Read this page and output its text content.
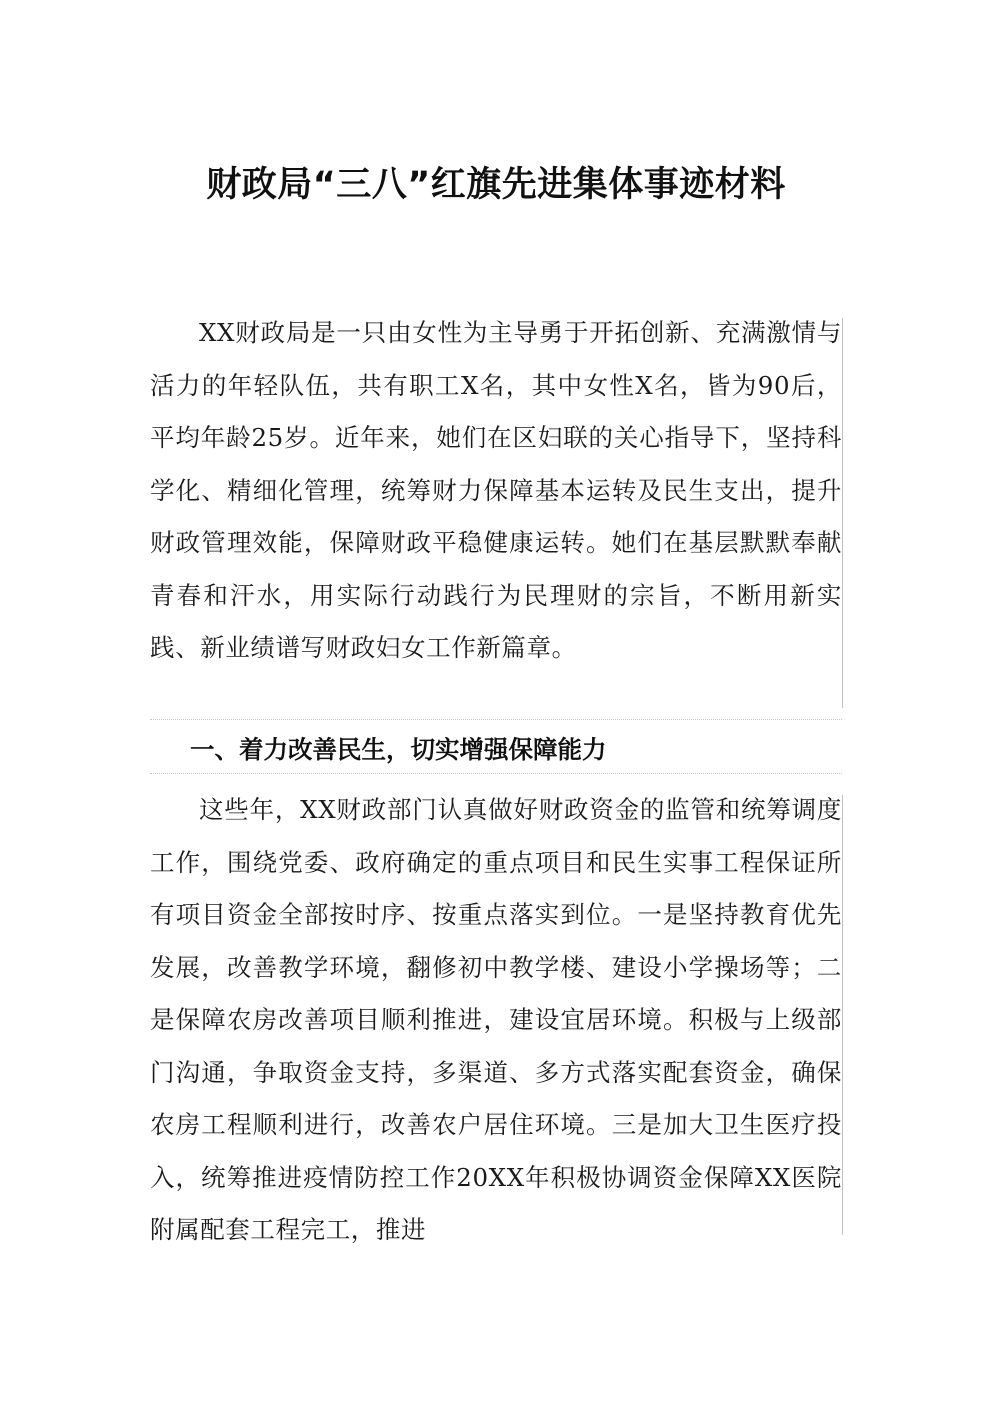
财政局“三八”红旗先进集体事迹材料

XX财政局是一只由女性为主导勇于开拓创新、充满激情与活力的年轻队伍，共有职工X名，其中女性X名，皆为90后，平均年龄25岁。近年来，她们在区妇联的关心指导下，坚持科学化、精细化管理，统筹财力保障基本运转及民生支出，提升财政管理效能，保障财政平稳健康运转。她们在基层默默奉献青春和汗水，用实际行动践行为民理财的宗旨，不断用新实践、新业绩谱写财政妇女工作新篇章。

一、着力改善民生，切实增强保障能力

这些年，XX财政部门认真做好财政资金的监管和统筹调度工作，围绕党委、政府确定的重点项目和民生实事工程保证所有项目资金全部按时序、按重点落实到位。一是坚持教育优先发展，改善教学环境，翻修初中教学楼、建设小学操场等；二是保障农房改善项目顺利推进，建设宜居环境。积极与上级部门沟通，争取资金支持，多渠道、多方式落实配套资金，确保农房工程顺利进行，改善农户居住环境。三是加大卫生医疗投入，统筹推进疫情防控工作20XX年积极协调资金保障XX医院附属配套工程完工，推进
